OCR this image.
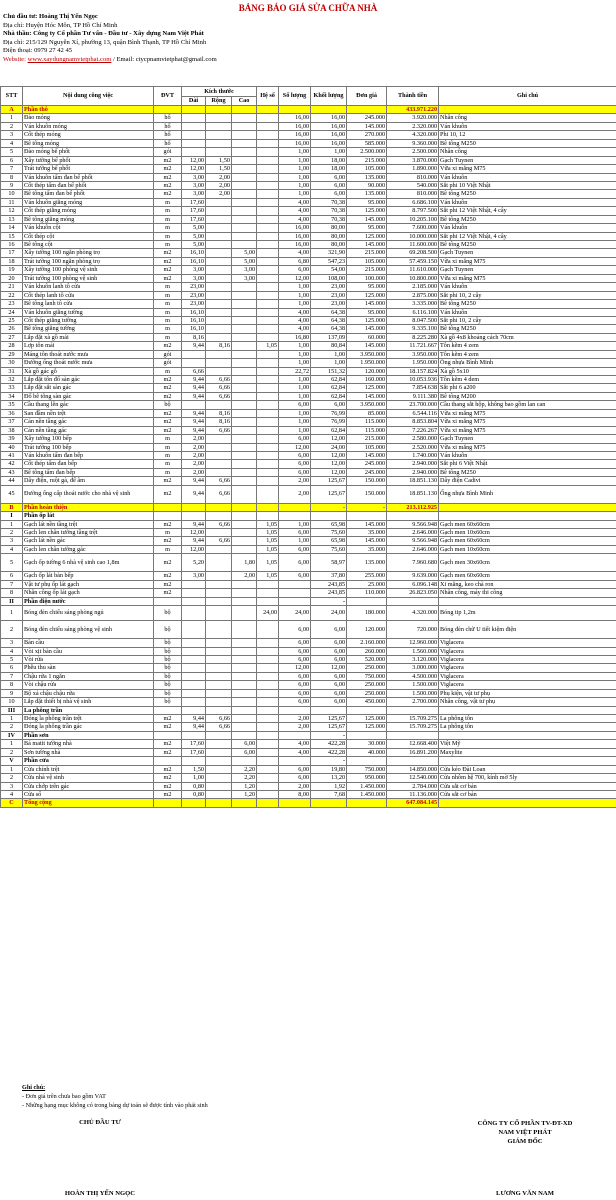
BẢNG BÁO GIÁ SỬA CHỮA NHÀ
Chủ đầu tư: Hoàng Thị Yến Ngọc
Địa chỉ: Huyện Hóc Môn, TP Hồ Chí Minh
Nhà thầu: Công ty Cổ phần Tư vấn - Đầu tư - Xây dựng Nam Việt Phát
Địa chỉ: 215/129 Nguyễn Xí, phường 13, quận Bình Thạnh, TP Hồ Chí Minh
Điện thoại: 0979 27 42 45
Website: www.xaydungnamvietphat.com / Email: ctycpnamvietphat@gmail.com
STT	Nội dung công việc	ĐVT	Kích thước			Hệ số	Số lượng	Khối lượng	Đơn giá	Thành tiền	Ghi chú
			Dài	Rộng	Cao						
A	Phần thô									433.971.220	
1	Đào móng	hố					16,00	16,00	245.000	3.920.000	Nhân công
2	Ván khuôn móng	hố					16,00	16,00	145.000	2.320.000	Ván khuôn
3	Cốt thép móng	hố					16,00	16,00	270.000	4.320.000	Phi 10, 12
4	Bê tông móng	hố					16,00	16,00	585.000	9.360.000	Bê tông M250
5	Đào móng bể phốt	gói					1,00	1,00	2.500.000	2.500.000	Nhân công
6	Xây tường bể phốt	m2	12,00	1,50			1,00	18,00	215.000	3.870.000	Gạch Tuynen
7	Trát tường bể phốt	m2	12,00	1,50			1,00	18,00	105.000	1.890.000	Vữa xi măng M75
8	Ván khuôn tấm đan bể phốt	m2	3,00	2,00			1,00	6,00	135.000	810.000	Ván khuôn
9	Cốt thép tấm đan bể phốt	m2	3,00	2,00			1,00	6,00	90.000	540.000	Sắt phi 10 Việt Nhật
10	Bê tông tấm đan bể phốt	m2	3,00	2,00			1,00	6,00	135.000	810.000	Bê tông M250
11	Ván khuôn giằng móng	m	17,60				4,00	70,38	95.000	6.686.100	Ván khuôn
12	Cốt thép giằng móng	m	17,60				4,00	70,38	125.000	8.797.500	Sắt phi 12 Việt Nhật, 4 cây
13	Bê tông giằng móng	m	17,60				4,00	70,38	145.000	10.205.100	Bê tông M250
14	Ván khuôn cột	m	5,00				16,00	80,00	95.000	7.600.000	Ván khuôn
15	Cốt thép cột	m	5,00				16,00	80,00	125.000	10.000.000	Sắt phi 12 Việt Nhật, 4 cây
16	Bê tông cột	m	5,00				16,00	80,00	145.000	11.600.000	Bê tông M250
17	Xây tường 100 ngăn phòng trọ	m2	16,10		5,00		4,00	321,90	215.000	69.208.500	Gạch Tuynen
18	Trát tường 100 ngăn phòng trọ	m2	16,10		5,00		6,80	547,23	105.000	57.459.150	Vữa xi măng M75
19	Xây tường 100 phòng vệ sinh	m2	3,00		3,00		6,00	54,00	215.000	11.610.000	Gạch Tuynen
20	Trát tường 100 phòng vệ sinh	m2	3,00		3,00		12,00	108,00	100.000	10.800.000	Vữa xi măng M75
21	Ván khuôn lanh tô cửa	m	23,00				1,00	23,00	95.000	2.185.000	Ván khuôn
22	Cốt thép lanh tô cửa	m	23,00				1,00	23,00	125.000	2.875.000	Sắt phi 10, 2 cây
23	Bê tông lanh tô cửa	m	23,00				1,00	23,00	145.000	3.335.000	Bê tông M250
24	Ván khuôn giằng tường	m	16,10				4,00	64,38	95.000	6.116.100	Ván khuôn
25	Cốt thép giằng tường	m	16,10				4,00	64,38	125.000	8.047.500	Sắt phi 10, 2 cây
26	Bê tông giằng tường	m	16,10				4,00	64,38	145.000	9.335.100	Bê tông M250
27	Lắp đặt xà gồ mái	m	8,16				16,80	137,09	60.000	8.225.280	Xà gồ 4x8 khoảng cách 70cm
28	Lợp tôn mái	m2	9,44	8,16		1,05	1,00	80,84	145.000	11.721.667	Tôn kẽm 4 zem
29	Máng tôn thoát nước mưa	gói					1,00	1,00	3.950.000	3.950.000	Tôn kẽm 4 zem
30	Đường ống thoát nước mưa	gói					1,00	1,00	1.950.000	1.950.000	Ống nhựa Bình Minh
31	Xà gồ gác gỗ	m	6,66				22,72	151,32	120.000	18.157.824	Xà gồ 5x10
32	Lắp đặt tôn đổ sàn gác	m2	9,44	6,66			1,00	62,84	160.000	10.053.936	Tôn kẽm 4 dem
33	Lắp đặt sắt sàn gác	m2	9,44	6,66			1,00	62,84	125.000	7.854.638	Sắt phi 6 a200
34	Đổ bê tông sàn gác	m2	9,44	6,66			1,00	62,84	145.000	9.111.380	Bê tông M200
35	Cầu thang lên gác	bộ					6,00	6,00	3.950.000	23.700.000	Cầu thang sắt hộp, không bao gồm lan can
36	San đầm nền trệt	m2	9,44	8,16			1,00	76,99	85.000	6.544.116	Vữa xi măng M75
37	Cán nền tầng gác	m2	9,44	8,16			1,00	76,99	115.000	8.853.804	Vữa xi măng M75
38	Cán nền tầng gác	m2	9,44	6,66			1,00	62,84	115.000	7.226.267	Vữa xi măng M75
39	Xây tường 100 bếp	m	2,00				6,00	12,00	215.000	2.580.000	Gạch Tuynen
40	Trát tường 100 bếp	m	2,00				12,00	24,00	105.000	2.520.000	Vữa xi măng M75
41	Ván khuôn tấm đan bếp	m	2,00				6,00	12,00	145.000	1.740.000	Ván khuôn
42	Cốt thép tấm đan bếp	m	2,00				6,00	12,00	245.000	2.940.000	Sắt phi 6 Việt Nhật
43	Bê tông tấm đan bếp	m	2,00				6,00	12,00	245.000	2.940.000	Bê tông M250
44	Dây điện, ruột gà, đế âm	m2	9,44	6,66			2,00	125,67	150.000	18.851.130	Dây điện Cadivi
45	Đường ống cấp thoát nước cho nhà vệ sinh	m2	9,44	6,66			2,00	125,67	150.000	18.851.130	Ống nhựa Bình Minh
B	Phần hoàn thiện							-	-	213.112.925	
I	Phần ốp lát										
1	Gạch lát nền tầng trệt	m2	9,44	6,66		1,05	1,00	65,98	145.000	9.566.948	Gạch men 60x60cm
2	Gạch len chân tường tầng trệt	m	12,00			1,05	6,00	75,60	35.000	2.646.000	Gạch men 10x60cm
3	Gạch lát nền gác	m2	9,44	6,66		1,05	1,00	65,98	145.000	9.566.948	Gạch men 60x60cm
4	Gạch len chân tường gác	m	12,00			1,05	6,00	75,60	35.000	2.646.000	Gạch men 10x60cm
5	Gạch ốp tường 6 nhà vệ sinh cao 1,8m	m2	5,20		1,80	1,05	6,00	58,97	135.000	7.960.680	Gạch men 30x60cm
6	Gạch ốp lát bàn bếp	m2	3,00		2,00	1,05	6,00	37,80	255.000	9.639.000	Gạch men 60x60cm
7	Vật tư phụ ốp lát gạch	m2						243,85	25.000	6.096.148	Xi măng, keo chà ron
8	Nhân công ốp lát gạch	m2						243,85	110.000	26.823.050	Nhân công, máy thi công
II	Phần điện nước							-			
1	Bóng đèn chiếu sáng phòng ngủ	bộ				24,00	24,00	24,00	180.000	4.320.000	Bóng tip 1,2m
2	Bóng đèn chiếu sáng phòng vệ sinh	bộ					6,00	6,00	120.000	720.000	Bóng đèn chữ U tiết kiệm điện
3	Bàn cầu	bộ					6,00	6,00	2.160.000	12.960.000	Viglacera
4	Vòi xịt bàn cầu	bộ					6,00	6,00	260.000	1.560.000	Viglacera
5	Vòi rửa	bộ					6,00	6,00	520.000	3.120.000	Viglacera
6	Phễu thu sàn	bộ					12,00	12,00	250.000	3.000.000	Viglacera
7	Chậu rửa 1 ngăn	bộ					6,00	6,00	750.000	4.500.000	Viglacera
8	Vòi chậu rửa	bộ					6,00	6,00	250.000	1.500.000	Viglacera
9	Bộ xả chậu chậu rửa	bộ					6,00	6,00	250.000	1.500.000	Phụ kiện, vật tư phụ
10	Lắp đặt thiết bị nhà vệ sinh	bộ					6,00	6,00	450.000	2.700.000	Nhân công, vật tư phụ
III	La phông trần										
1	Đóng la phông trần trệt	m2	9,44	6,66			2,00	125,67	125.000	15.709.275	La phông tôn
2	Đóng la phông trần gác	m2	9,44	6,66			2,00	125,67	125.000	15.709.275	La phông tôn
IV	Phần sơn							-			
1	Bả matit tường nhà	m2	17,60		6,00		4,00	422,28	30.000	12.668.400	Việt Mỹ
2	Sơn tường nhà	m2	17,60		6,00		4,00	422,28	40.000	16.891.200	Maxylite
V	Phần cửa							-			
1	Cửa chính trệt	m2	1,50		2,20		6,00	19,80	750.000	14.850.000	Cửa kéo Đài Loan
2	Cửa nhà vệ sinh	m2	1,00		2,20		6,00	13,20	950.000	12.540.000	Cửa nhôm hệ 700, kính mờ 5ly
3	Cửa chớp trên gác	m2	0,80		1,20		2,00	1,92	1.450.000	2.784.000	Cửa sắt cơ bản
4	Cửa sổ	m2	0,80		1,20		8,00	7,68	1.450.000	11.136.000	Cửa sắt cơ bản
C	Tổng cộng									647.084.145	
Ghi chú:
- Đơn giá trên chưa bao gồm VAT
- Những hạng mục không có trong bảng dự toán sẽ được tính vào phát sinh
CHỦ ĐẦU TƯ	CÔNG TY CỔ PHẦN TV-ĐT-XD
NAM VIỆT PHÁT
GIÁM ĐỐC
HOÀN THỊ YẾN NGỌC	LƯƠNG VĂN NAM
